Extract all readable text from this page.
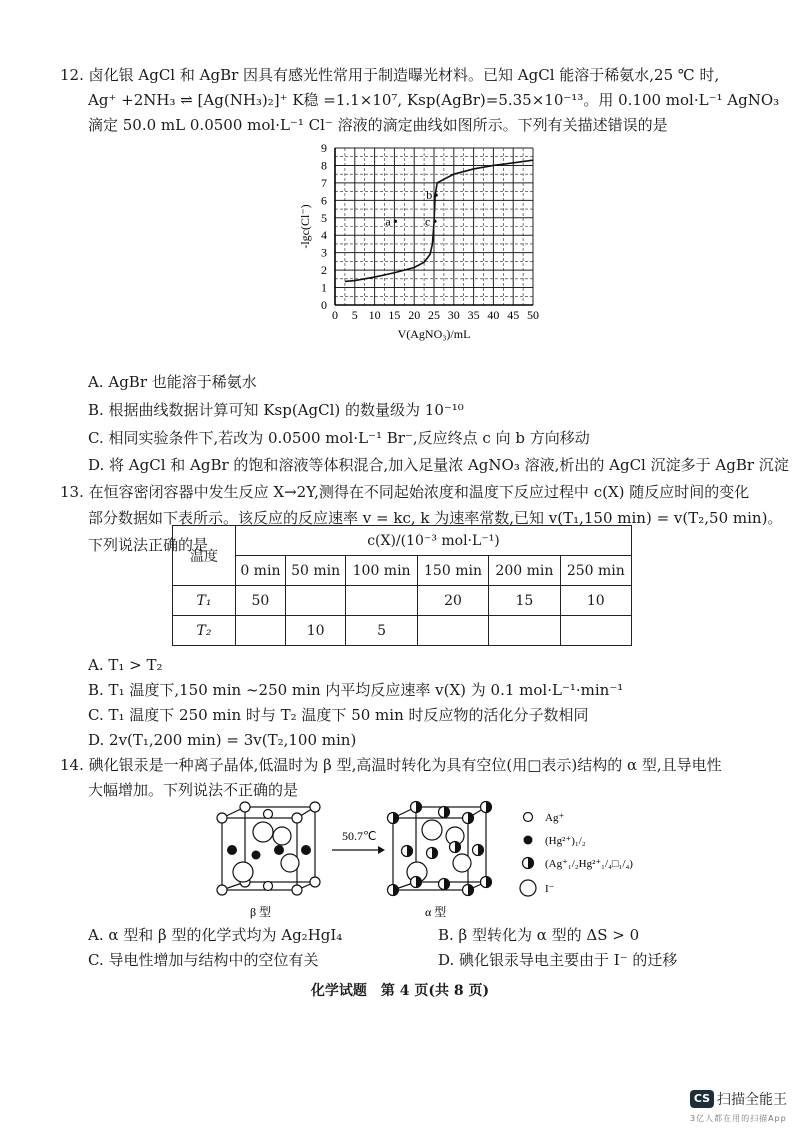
12. 卤化银 AgCl 和 AgBr 因具有感光性常用于制造曝光材料。已知 AgCl 能溶于稀氨水,25 ℃ 时,
Ag⁺ +2NH₃ ⇌ [Ag(NH₃)₂]⁺ K稳 =1.1×10⁷, Ksp(AgBr)=5.35×10⁻¹³。用 0.100 mol·L⁻¹ AgNO₃
滴定 50.0 mL 0.0500 mol·L⁻¹ Cl⁻ 溶液的滴定曲线如图所示。下列有关描述错误的是
0 5 10 15 20 25 30 35 40 45 50
0
1
2
3
4
5
6
7
8
9
V(AgNO₃)/mL
-lgc(Cl⁻)	a
b
c
A. AgBr 也能溶于稀氨水
B. 根据曲线数据计算可知 Ksp(AgCl) 的数量级为 10⁻¹⁰
C. 相同实验条件下,若改为 0.0500 mol·L⁻¹ Br⁻,反应终点 c 向 b 方向移动
D. 将 AgCl 和 AgBr 的饱和溶液等体积混合,加入足量浓 AgNO₃ 溶液,析出的 AgCl 沉淀多于 AgBr 沉淀
13. 在恒容密闭容器中发生反应 X→2Y,测得在不同起始浓度和温度下反应过程中 c(X) 随反应时间的变化
部分数据如下表所示。该反应的反应速率 v = kc, k 为速率常数,已知 v(T₁,150 min) = v(T₂,50 min)。
下列说法正确的是
温度	c(X)/(10⁻³ mol·L⁻¹)					
	0 min	50 min	100 min	150 min	200 min	250 min
T₁	50			20	15	10
T₂		10	5			
A. T₁ > T₂
B. T₁ 温度下,150 min ~250 min 内平均反应速率 v(X) 为 0.1 mol·L⁻¹·min⁻¹
C. T₁ 温度下 250 min 时与 T₂ 温度下 50 min 时反应物的活化分子数相同
D. 2v(T₁,200 min) = 3v(T₂,100 min)
14. 碘化银汞是一种离子晶体,低温时为 β 型,高温时转化为具有空位(用□表示)结构的 α 型,且导电性
大幅增加。下列说法不正确的是
β 型
50.7℃
α 型
Ag⁺
(Hg²⁺)₁/₂
(Ag⁺₁/₂Hg²⁺₁/₄□₁/₄)
I⁻
A. α 型和 β 型的化学式均为 Ag₂HgI₄	B. β 型转化为 α 型的 ΔS > 0
C. 导电性增加与结构中的空位有关	D. 碘化银汞导电主要由于 I⁻ 的迁移
化学试题　第 4 页(共 8 页)
CS 扫描全能王
3亿人都在用的扫描App
